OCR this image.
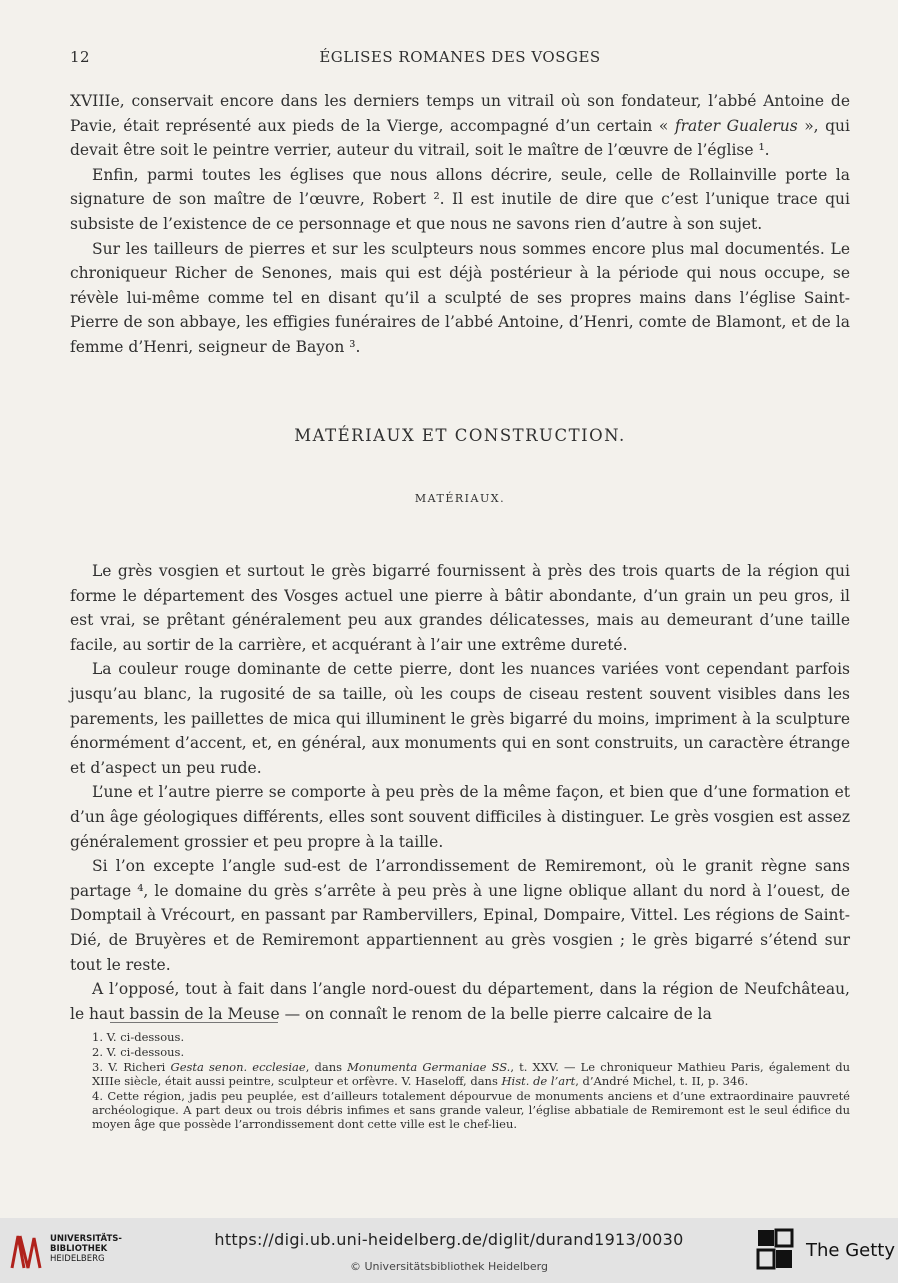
12	ÉGLISES ROMANES DES VOSGES

XVIIIe, conservait encore dans les derniers temps un vitrail où son fondateur, l’abbé Antoine de Pavie, était représenté aux pieds de la Vierge, accompagné d’un certain « frater Gualerus », qui devait être soit le peintre verrier, auteur du vitrail, soit le maître de l’œuvre de l’église ¹.

Enfin, parmi toutes les églises que nous allons décrire, seule, celle de Rollainville porte la signature de son maître de l’œuvre, Robert ². Il est inutile de dire que c’est l’unique trace qui subsiste de l’existence de ce personnage et que nous ne savons rien d’autre à son sujet.

Sur les tailleurs de pierres et sur les sculpteurs nous sommes encore plus mal documentés. Le chroniqueur Richer de Senones, mais qui est déjà postérieur à la période qui nous occupe, se révèle lui-même comme tel en disant qu’il a sculpté de ses propres mains dans l’église Saint-Pierre de son abbaye, les effigies funéraires de l’abbé Antoine, d’Henri, comte de Blamont, et de la femme d’Henri, seigneur de Bayon ³.

MATÉRIAUX ET CONSTRUCTION.
MATÉRIAUX.

Le grès vosgien et surtout le grès bigarré fournissent à près des trois quarts de la région qui forme le département des Vosges actuel une pierre à bâtir abondante, d’un grain un peu gros, il est vrai, se prêtant généralement peu aux grandes délicatesses, mais au demeurant d’une taille facile, au sortir de la carrière, et acquérant à l’air une extrême dureté.

La couleur rouge dominante de cette pierre, dont les nuances variées vont cependant parfois jusqu’au blanc, la rugosité de sa taille, où les coups de ciseau restent souvent visibles dans les parements, les paillettes de mica qui illuminent le grès bigarré du moins, impriment à la sculpture énormément d’accent, et, en général, aux monuments qui en sont construits, un caractère étrange et d’aspect un peu rude.

L’une et l’autre pierre se comporte à peu près de la même façon, et bien que d’une formation et d’un âge géologiques différents, elles sont souvent difficiles à distinguer. Le grès vosgien est assez généralement grossier et peu propre à la taille.

Si l’on excepte l’angle sud-est de l’arrondissement de Remiremont, où le granit règne sans partage ⁴, le domaine du grès s’arrête à peu près à une ligne oblique allant du nord à l’ouest, de Domptail à Vrécourt, en passant par Rambervillers, Epinal, Dompaire, Vittel. Les régions de Saint-Dié, de Bruyères et de Remiremont appartiennent au grès vosgien ; le grès bigarré s’étend sur tout le reste.

A l’opposé, tout à fait dans l’angle nord-ouest du département, dans la région de Neufchâteau, le haut bassin de la Meuse — on connaît le renom de la belle pierre calcaire de la

1. V. ci-dessous.
2. V. ci-dessous.
3. V. Richeri Gesta senon. ecclesiae, dans Monumenta Germaniae SS., t. XXV. — Le chroniqueur Mathieu Paris, également du XIIIe siècle, était aussi peintre, sculpteur et orfèvre. V. Haseloff, dans Hist. de l’art, d’André Michel, t. II, p. 346.
4. Cette région, jadis peu peuplée, est d’ailleurs totalement dépourvue de monuments anciens et d’une extraordinaire pauvreté archéologique. A part deux ou trois débris infimes et sans grande valeur, l’église abbatiale de Remiremont est le seul édifice du moyen âge que possède l’arrondissement dont cette ville est le chef-lieu.
UNIVERSITÄTS-
BIBLIOTHEK
HEIDELBERG
https://digi.ub.uni-heidelberg.de/diglit/durand1913/0030
© Universitätsbibliothek Heidelberg
The Getty
